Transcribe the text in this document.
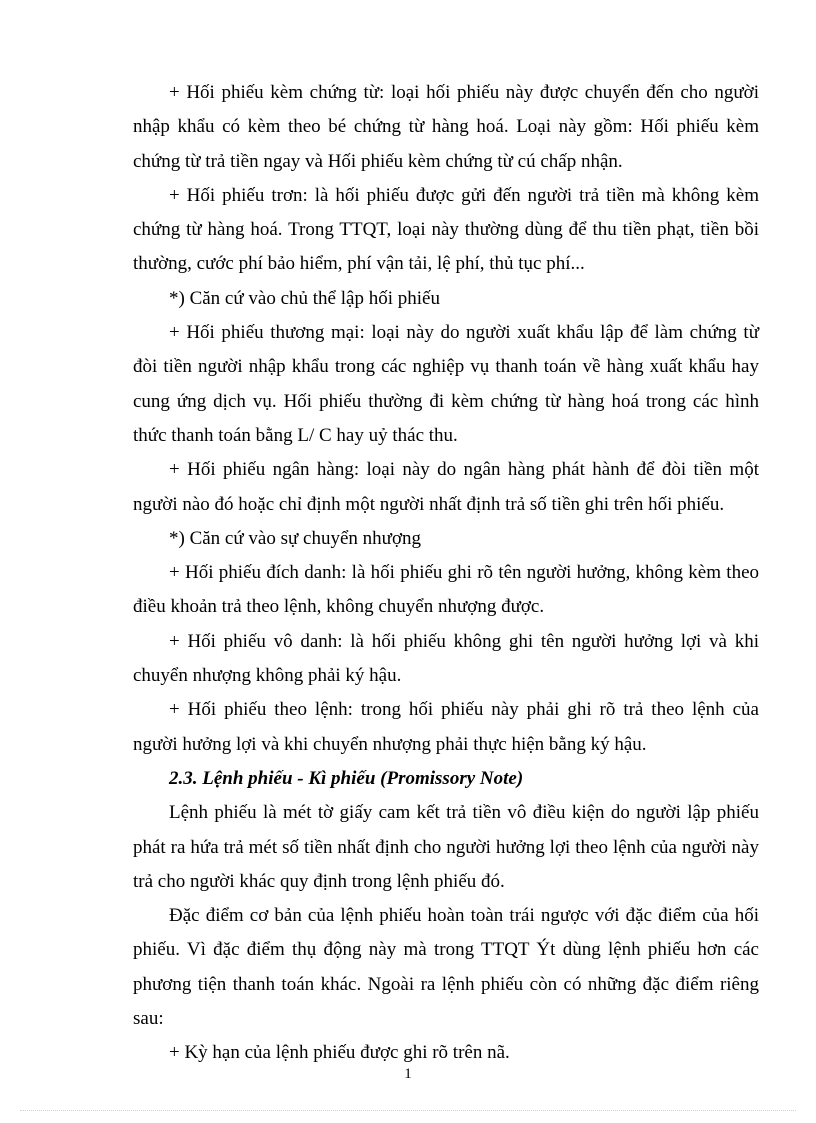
+ Hối phiếu kèm chứng từ: loại hối phiếu này được chuyển đến cho người nhập khẩu có kèm theo bé chứng từ hàng hoá. Loại này gồm: Hối phiếu kèm chứng từ trả tiền ngay và Hối phiếu kèm chứng từ cú chấp nhận.

+ Hối phiếu trơn: là hối phiếu được gửi đến người trả tiền mà không kèm chứng từ hàng hoá. Trong TTQT, loại này thường dùng để thu tiền phạt, tiền bồi thường, cước phí bảo hiểm, phí vận tải, lệ phí, thủ tục phí...

*) Căn cứ vào chủ thể lập hối phiếu

+ Hối phiếu thương mại: loại này do người xuất khẩu lập để làm chứng từ đòi tiền người nhập khẩu trong các nghiệp vụ thanh toán về hàng xuất khẩu hay cung ứng dịch vụ. Hối phiếu thường đi kèm chứng từ hàng hoá trong các hình thức thanh toán bằng L/ C hay uỷ thác thu.

+ Hối phiếu ngân hàng: loại này do ngân hàng phát hành để đòi tiền một người nào đó hoặc chỉ định một người nhất định trả số tiền ghi trên hối phiếu.

*) Căn cứ vào sự chuyển nhượng

+ Hối phiếu đích danh: là hối phiếu ghi rõ tên người hưởng, không kèm theo điều khoản trả theo lệnh, không chuyển nhượng được.

+ Hối phiếu vô danh: là hối phiếu không ghi tên người hưởng lợi và khi chuyển nhượng không phải ký hậu.

+ Hối phiếu theo lệnh: trong hối phiếu này phải ghi rõ trả theo lệnh của người hưởng lợi và khi chuyển nhượng phải thực hiện bằng ký hậu.

2.3. Lệnh phiếu - Kì phiếu (Promissory Note)

Lệnh phiếu là mét tờ giấy cam kết trả tiền vô điều kiện do người lập phiếu phát ra hứa trả mét số tiền nhất định cho người hưởng lợi theo lệnh của người này trả cho người khác quy định trong lệnh phiếu đó.

Đặc điểm cơ bản của lệnh phiếu hoàn toàn trái ngược với đặc điểm của hối phiếu. Vì đặc điểm thụ động này mà trong TTQT Ýt dùng lệnh phiếu hơn các phương tiện thanh toán khác. Ngoài ra lệnh phiếu còn có những đặc điểm riêng sau:

+ Kỳ hạn của lệnh phiếu được ghi rõ trên nã.

1
